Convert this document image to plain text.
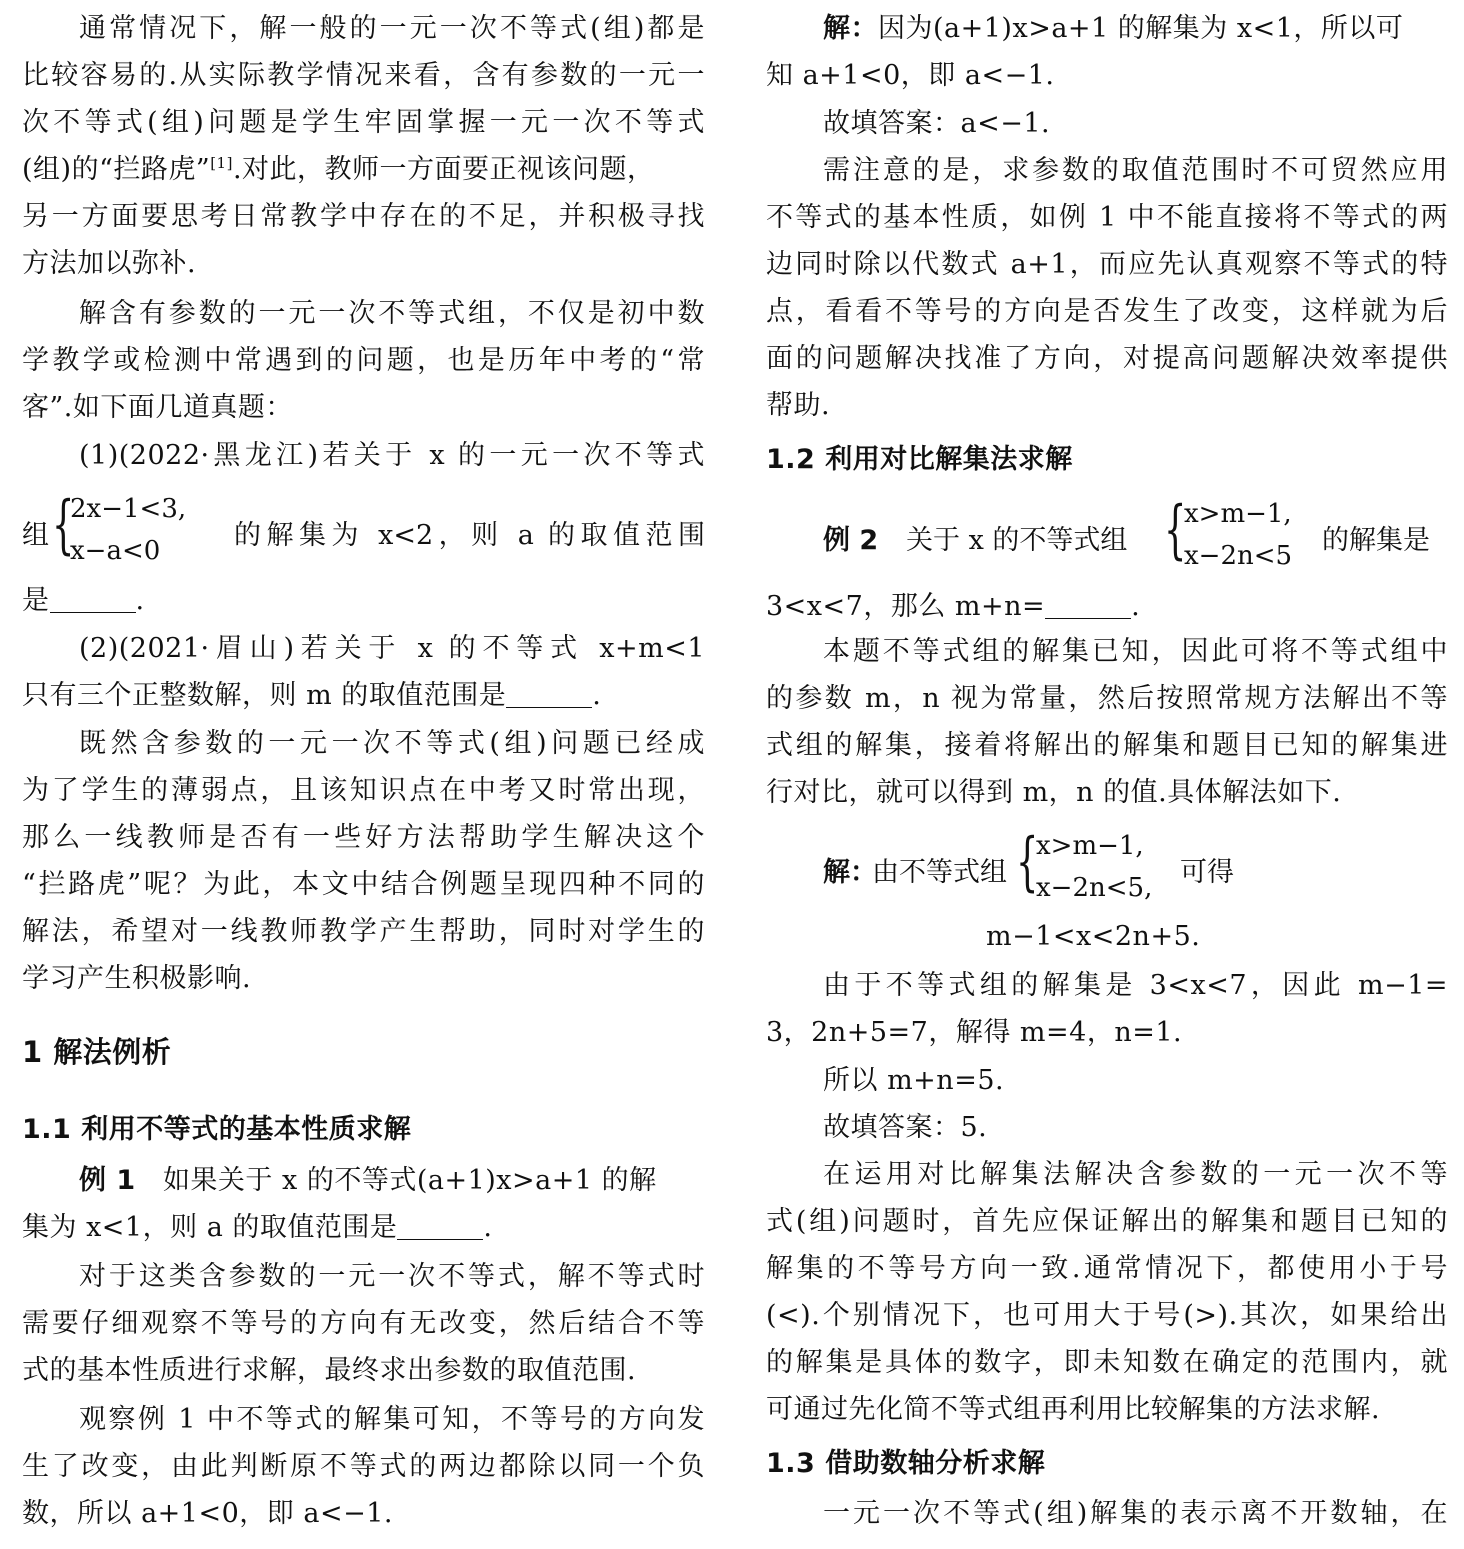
通常情况下，解一般的一元一次不等式(组)都是
比较容易的.从实际教学情况来看，含有参数的一元一
次不等式(组)问题是学生牢固掌握一元一次不等式
(组)的“拦路虎”[1].对此，教师一方面要正视该问题，
另一方面要思考日常教学中存在的不足，并积极寻找
方法加以弥补.
解含有参数的一元一次不等式组，不仅是初中数
学教学或检测中常遇到的问题，也是历年中考的“常
客”.如下面几道真题：
(1)(2022·黑龙江)若关于 x 的一元一次不等式
组 {
2x−1<3,
x−a<0	的解集为 x<2，则 a 的取值范围
是	.
(2)(2021·眉山)若关于 x 的不等式 x+m<1
只有三个正整数解，则 m 的取值范围是	.
既然含参数的一元一次不等式(组)问题已经成
为了学生的薄弱点，且该知识点在中考又时常出现，
那么一线教师是否有一些好方法帮助学生解决这个
“拦路虎”呢？为此，本文中结合例题呈现四种不同的
解法，希望对一线教师教学产生帮助，同时对学生的
学习产生积极影响.
1 解法例析
1.1 利用不等式的基本性质求解
例 1 如果关于 x 的不等式(a+1)x>a+1 的解
集为 x<1，则 a 的取值范围是	.
对于这类含参数的一元一次不等式，解不等式时
需要仔细观察不等号的方向有无改变，然后结合不等
式的基本性质进行求解，最终求出参数的取值范围.
观察例 1 中不等式的解集可知，不等号的方向发
生了改变，由此判断原不等式的两边都除以同一个负
数，所以 a+1<0，即 a<−1.
解：因为(a+1)x>a+1 的解集为 x<1，所以可
知 a+1<0，即 a<−1.
故填答案：a<−1.
需注意的是，求参数的取值范围时不可贸然应用
不等式的基本性质，如例 1 中不能直接将不等式的两
边同时除以代数式 a+1，而应先认真观察不等式的特
点，看看不等号的方向是否发生了改变，这样就为后
面的问题解决找准了方向，对提高问题解决效率提供
帮助.
1.2 利用对比解集法求解
例 2 关于 x 的不等式组 {
x>m−1,
x−2n<5 的解集是
3<x<7，那么 m+n=	.
本题不等式组的解集已知，因此可将不等式组中
的参数 m，n 视为常量，然后按照常规方法解出不等
式组的解集，接着将解出的解集和题目已知的解集进
行对比，就可以得到 m，n 的值.具体解法如下.
解：
由不等式组 {
x>m−1,
x−2n<5, 可得
m−1<x<2n+5.
由于不等式组的解集是 3<x<7，因此 m−1=
3，2n+5=7，解得 m=4，n=1.
所以 m+n=5.
故填答案：5.
在运用对比解集法解决含参数的一元一次不等
式(组)问题时，首先应保证解出的解集和题目已知的
解集的不等号方向一致.通常情况下，都使用小于号
(<).个别情况下，也可用大于号(>).其次，如果给出
的解集是具体的数字，即未知数在确定的范围内，就
可通过先化简不等式组再利用比较解集的方法求解.
1.3 借助数轴分析求解
一元一次不等式(组)解集的表示离不开数轴，在
